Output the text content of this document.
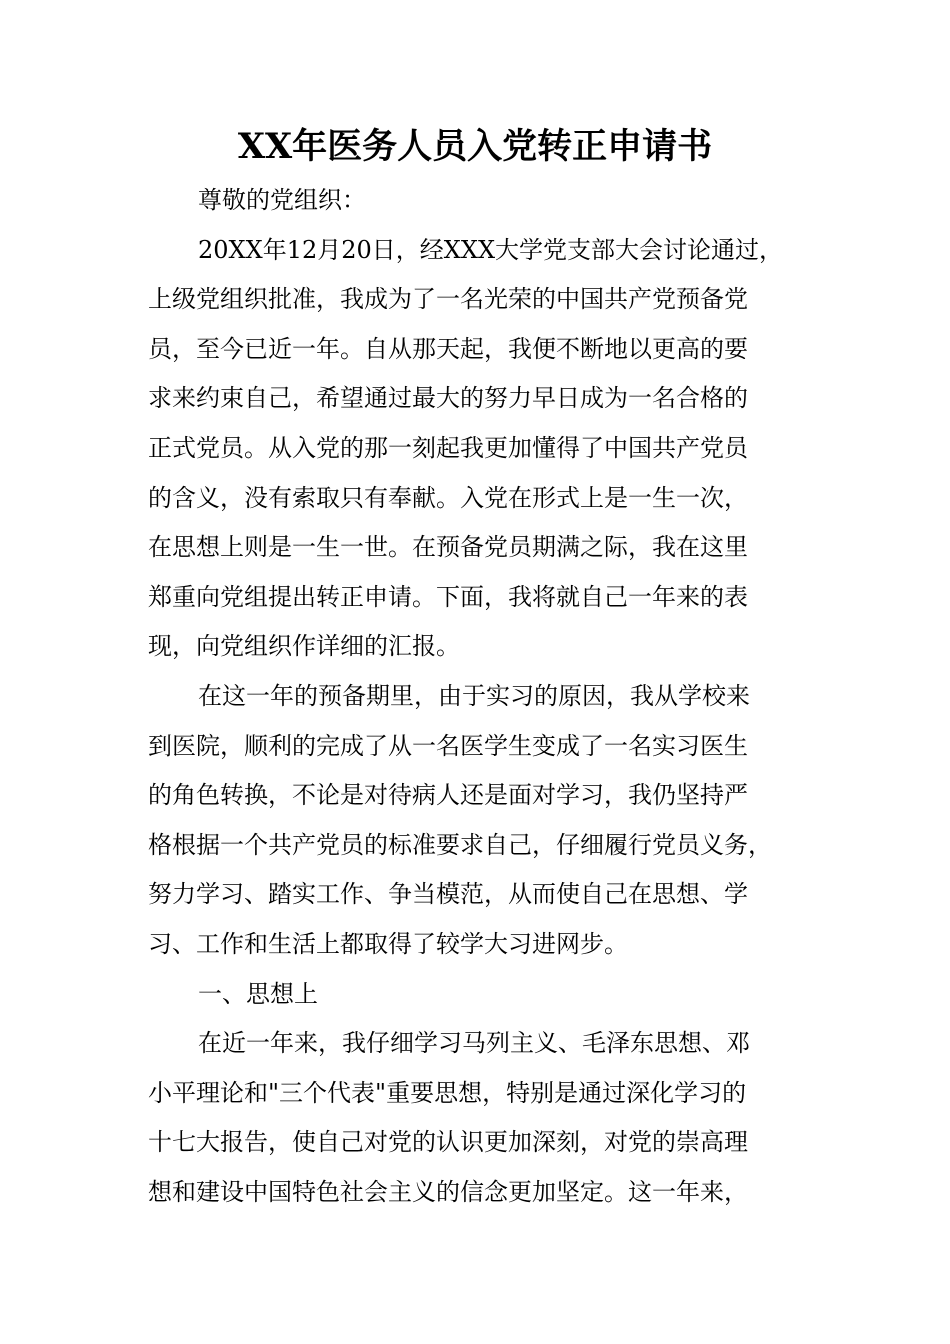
XX年医务人员入党转正申请书
尊敬的党组织：
20XX年12月20日，经XXX大学党支部大会讨论通过，
上级党组织批准，我成为了一名光荣的中国共产党预备党
员，至今已近一年。自从那天起，我便不断地以更高的要
求来约束自己，希望通过最大的努力早日成为一名合格的
正式党员。从入党的那一刻起我更加懂得了中国共产党员
的含义，没有索取只有奉献。入党在形式上是一生一次，
在思想上则是一生一世。在预备党员期满之际，我在这里
郑重向党组提出转正申请。下面，我将就自己一年来的表
现，向党组织作详细的汇报。
在这一年的预备期里，由于实习的原因，我从学校来
到医院，顺利的完成了从一名医学生变成了一名实习医生
的角色转换，不论是对待病人还是面对学习，我仍坚持严
格根据一个共产党员的标准要求自己，仔细履行党员义务，
努力学习、踏实工作、争当模范，从而使自己在思想、学
习、工作和生活上都取得了较学大习进网步。
一、思想上
在近一年来，我仔细学习马列主义、毛泽东思想、邓
小平理论和"三个代表"重要思想，特别是通过深化学习的
十七大报告，使自己对党的认识更加深刻，对党的崇高理
想和建设中国特色社会主义的信念更加坚定。这一年来，
